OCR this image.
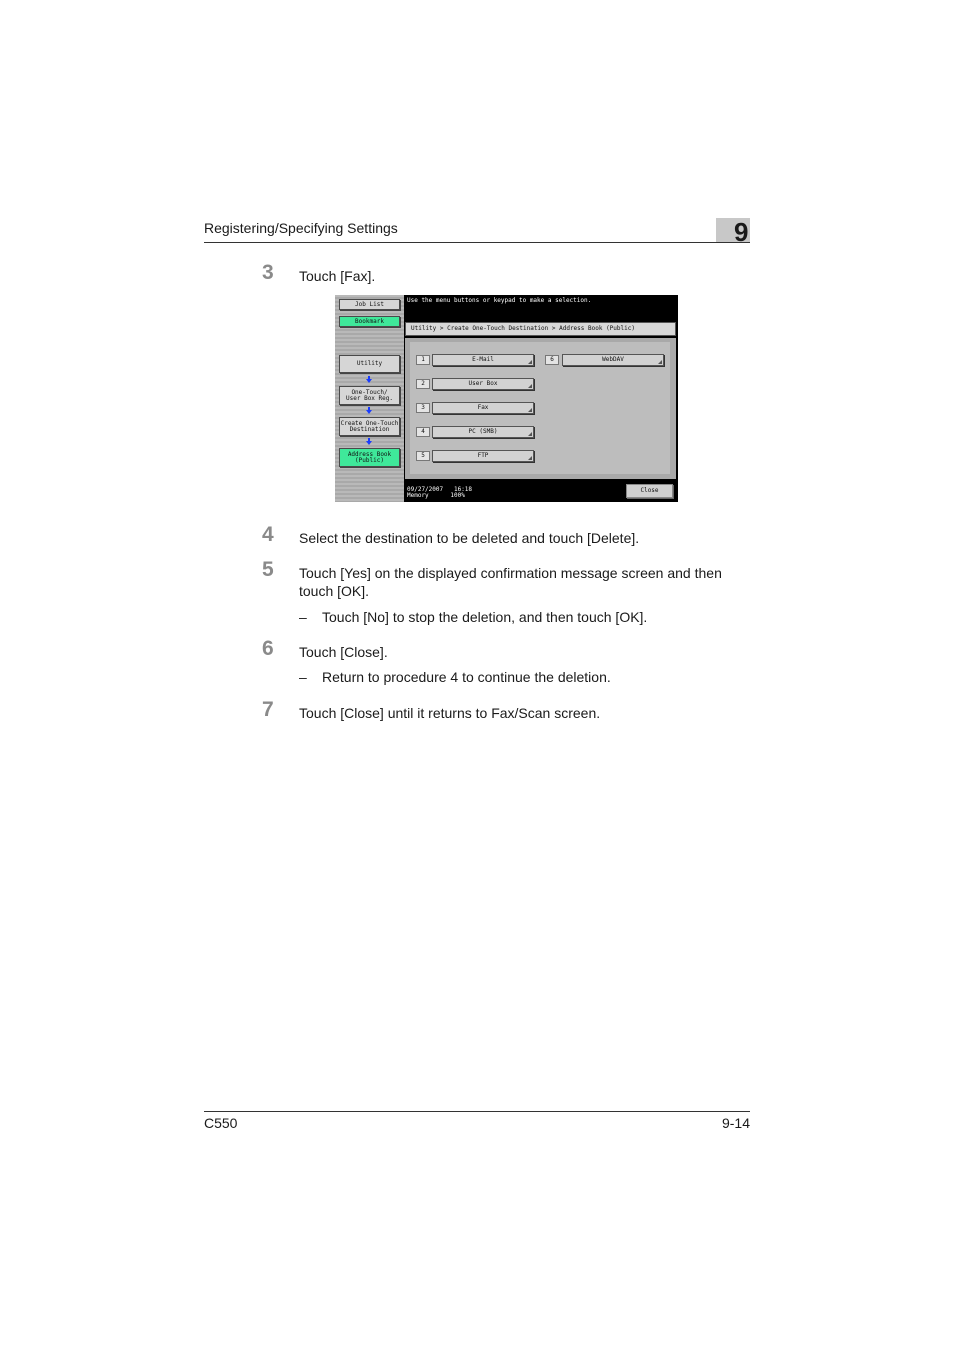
Registering/Specifying Settings	9
3 Touch [Fax].
Job List
Bookmark
Utility
One-Touch/
User Box Reg.
Create One-Touch
Destination
Address Book
(Public)
Use the menu buttons or keypad to make a selection.
Utility > Create One-Touch Destination > Address Book (Public)
1	E-Mail
2	User Box
3	Fax
4	PC (SMB)
5	FTP
6	WebDAV
09/27/2007 16:18
Memory	100%
Close
4 Select the destination to be deleted and touch [Delete].
5 Touch [Yes] on the displayed confirmation message screen and then touch [OK].
– Touch [No] to stop the deletion, and then touch [OK].
6 Touch [Close].
– Return to procedure 4 to continue the deletion.
7 Touch [Close] until it returns to Fax/Scan screen.
C550	9-14
